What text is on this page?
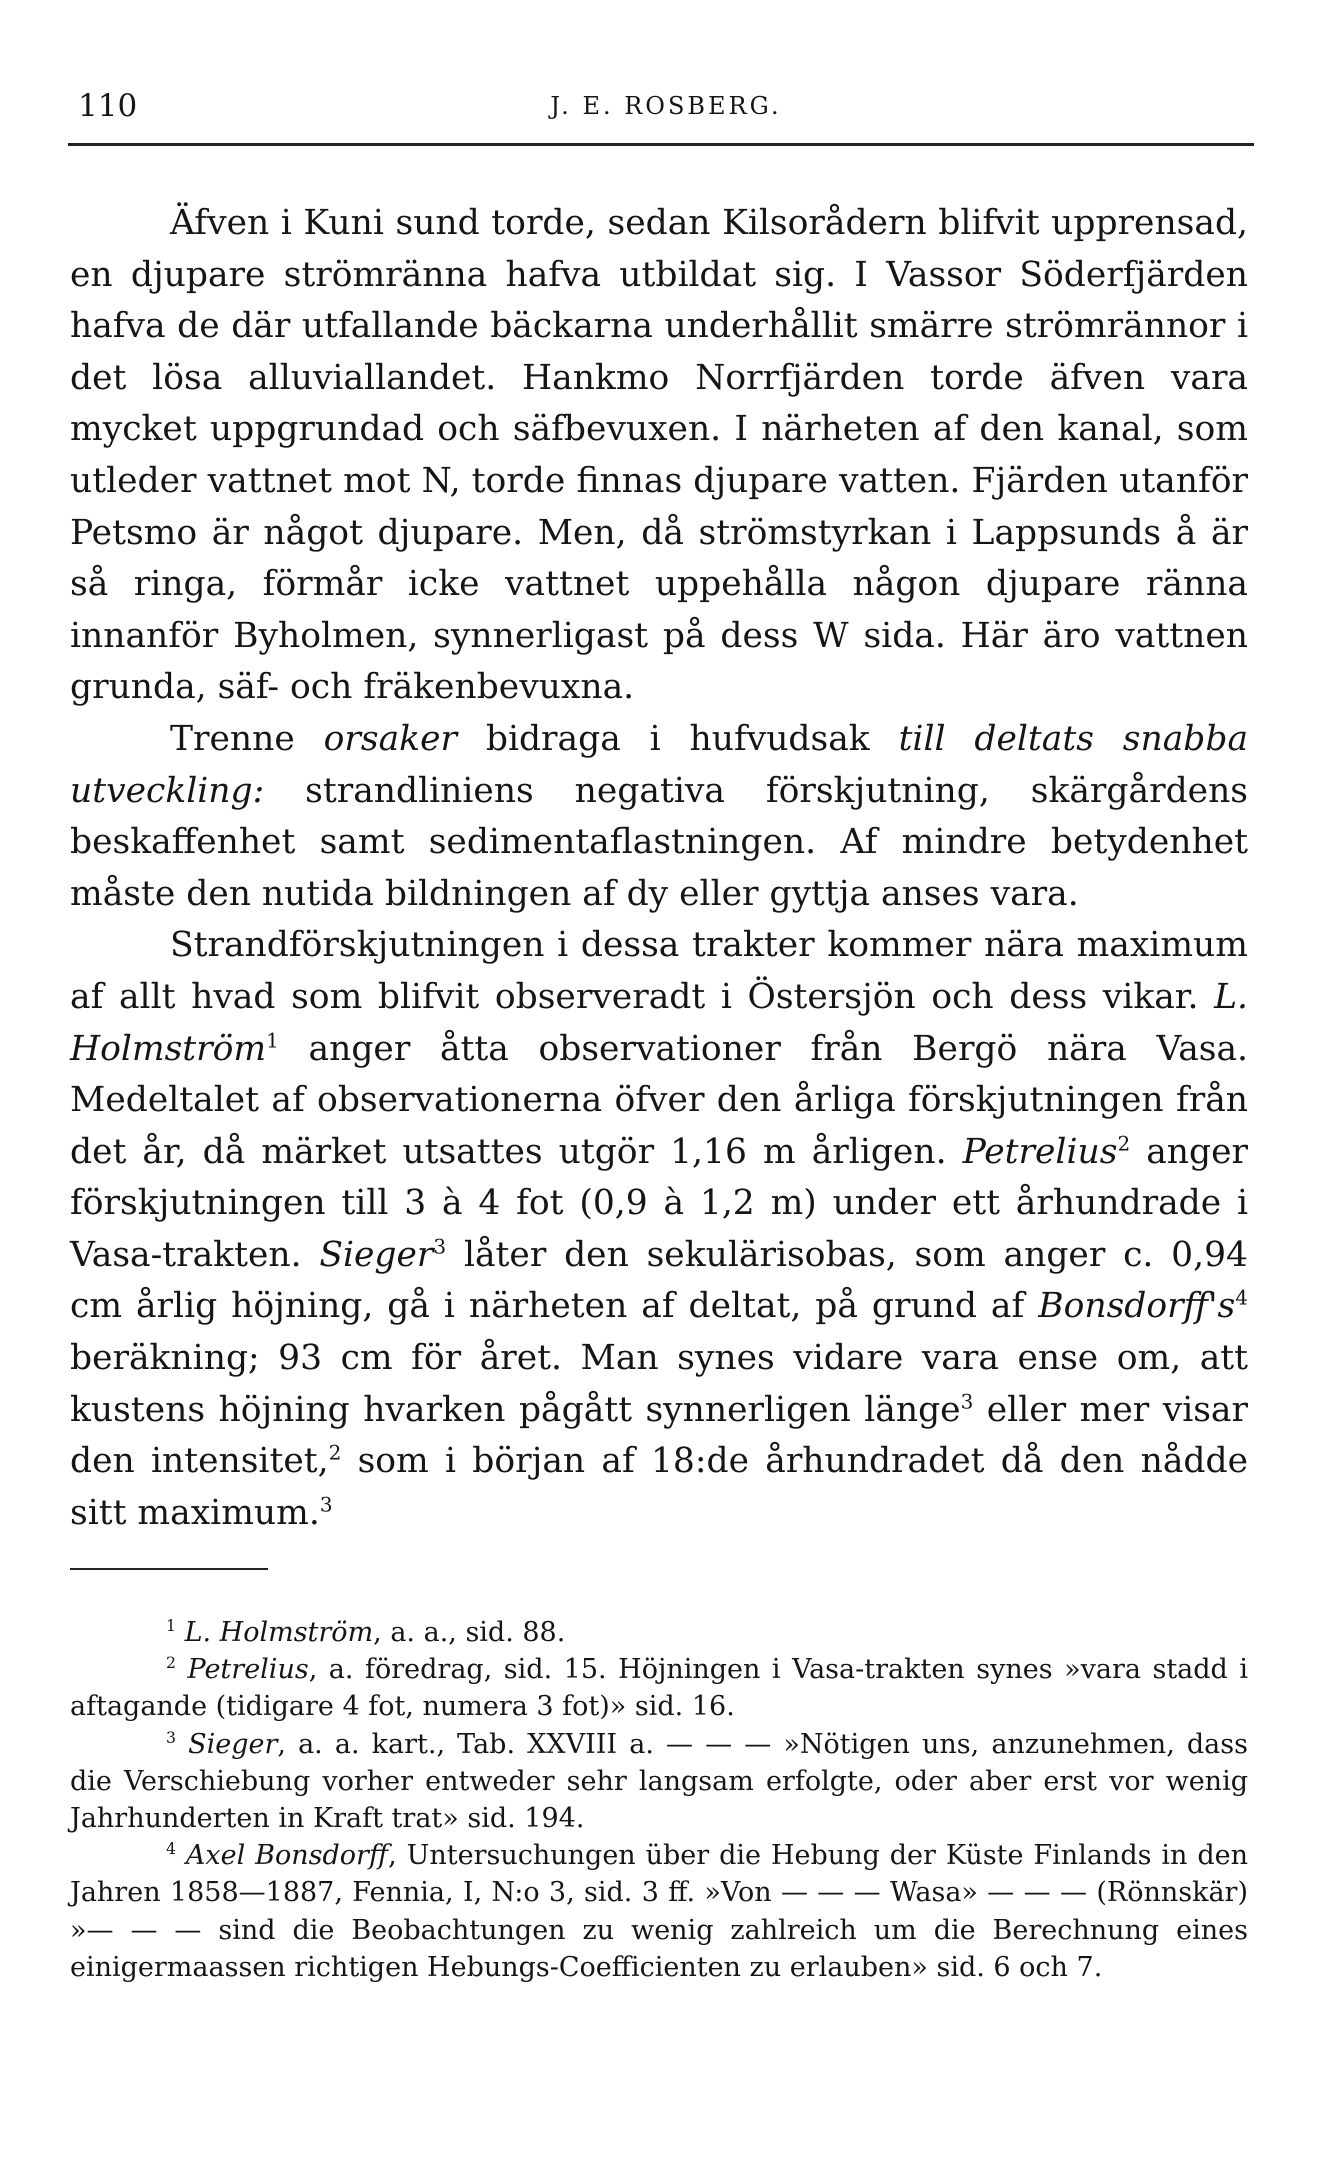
110	J. E. ROSBERG.

Äfven i Kuni sund torde, sedan Kilsorådern blifvit upprensad, en djupare strömränna hafva utbildat sig. I Vassor Söderfjärden hafva de där utfallande bäckarna underhållit smärre strömrännor i det lösa alluviallandet. Hankmo Norrfjärden torde äfven vara mycket uppgrundad och säfbevuxen. I närheten af den kanal, som utleder vattnet mot N, torde finnas djupare vatten. Fjärden utanför Petsmo är något djupare. Men, då strömstyrkan i Lappsunds å är så ringa, förmår icke vattnet uppehålla någon djupare ränna innanför Byholmen, synnerligast på dess W sida. Här äro vattnen grunda, säf- och fräkenbevuxna.

Trenne orsaker bidraga i hufvudsak till deltats snabba utveckling: strandliniens negativa förskjutning, skärgårdens beskaffenhet samt sedimentaflastningen. Af mindre betydenhet måste den nutida bildningen af dy eller gyttja anses vara.

Strandförskjutningen i dessa trakter kommer nära maximum af allt hvad som blifvit observeradt i Östersjön och dess vikar. L. Holmström$^1$ anger åtta observationer från Bergö nära Vasa. Medeltalet af observationerna öfver den årliga förskjutningen från det år, då märket utsattes utgör 1,16 m årligen. Petrelius$^2$ anger förskjutningen till 3 à 4 fot (0,9 à 1,2 m) under ett århundrade i Vasa-trakten. Sieger$^3$ låter den sekulärisobas, som anger c. 0,94 cm årlig höjning, gå i närheten af deltat, på grund af $Bonsdorff's^4$ beräkning; 93 cm för året. Man synes vidare vara ense om, att kustens höjning hvarken pågått synnerligen länge$^3$ eller mer visar den intensitet,$^2$ som i början af 18:de århundradet då den nådde sitt maximum.$^3$

$^1$ L. Holmström, a. a., sid. 88.

$^2$ Petrelius, a. föredrag, sid. 15. Höjningen i Vasa-trakten synes »vara stadd i aftagande (tidigare 4 fot, numera 3 fot)» sid. 16.

$^3$ Sieger, a. a. kart., Tab. XXVIII a. — — — »Nötigen uns, anzunehmen, dass die Verschiebung vorher entweder sehr langsam erfolgte, oder aber erst vor wenig Jahrhunderten in Kraft trat» sid. 194.

$^4$ Axel Bonsdorff, Untersuchungen über die Hebung der Küste Finlands in den Jahren 1858—1887, Fennia, I, N:o 3, sid. 3 ff. »Von — — — Wasa» — — — (Rönnskär) »— — — sind die Beobachtungen zu wenig zahlreich um die Berechnung eines einigermaassen richtigen Hebungs-Coefficienten zu erlauben» sid. 6 och 7.
